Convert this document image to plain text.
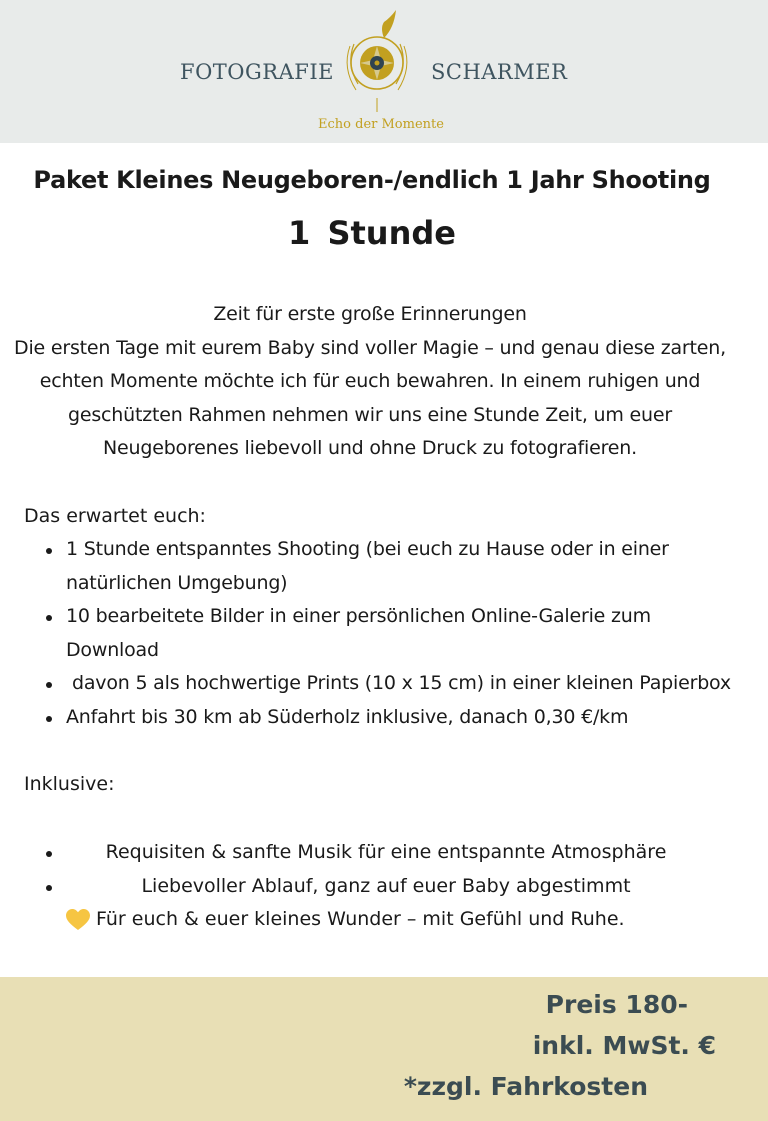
FOTOGRAFIE	SCHARMER
Echo der Momente
Paket Kleines Neugeboren-/endlich 1 Jahr Shooting
1 Stunde

Zeit für erste große Erinnerungen

Die ersten Tage mit eurem Baby sind voller Magie – und genau diese zarten, echten Momente möchte ich für euch bewahren. In einem ruhigen und geschützten Rahmen nehmen wir uns eine Stunde Zeit, um euer Neugeborenes liebevoll und ohne Druck zu fotografieren.

Das erwartet euch:

1 Stunde entspanntes Shooting (bei euch zu Hause oder in einer natürlichen Umgebung)
10 bearbeitete Bilder in einer persönlichen Online-Galerie zum Download
davon 5 als hochwertige Prints (10 x 15 cm) in einer kleinen Papierbox
Anfahrt bis 30 km ab Süderholz inklusive, danach 0,30 €/km

Inklusive:

Requisiten & sanfte Musik für eine entspannte Atmosphäre
Liebevoller Ablauf, ganz auf euer Baby abgestimmt
Für euch & euer kleines Wunder – mit Gefühl und Ruhe.
Preis 180-
inkl. MwSt. €
*zzgl. Fahrkosten
